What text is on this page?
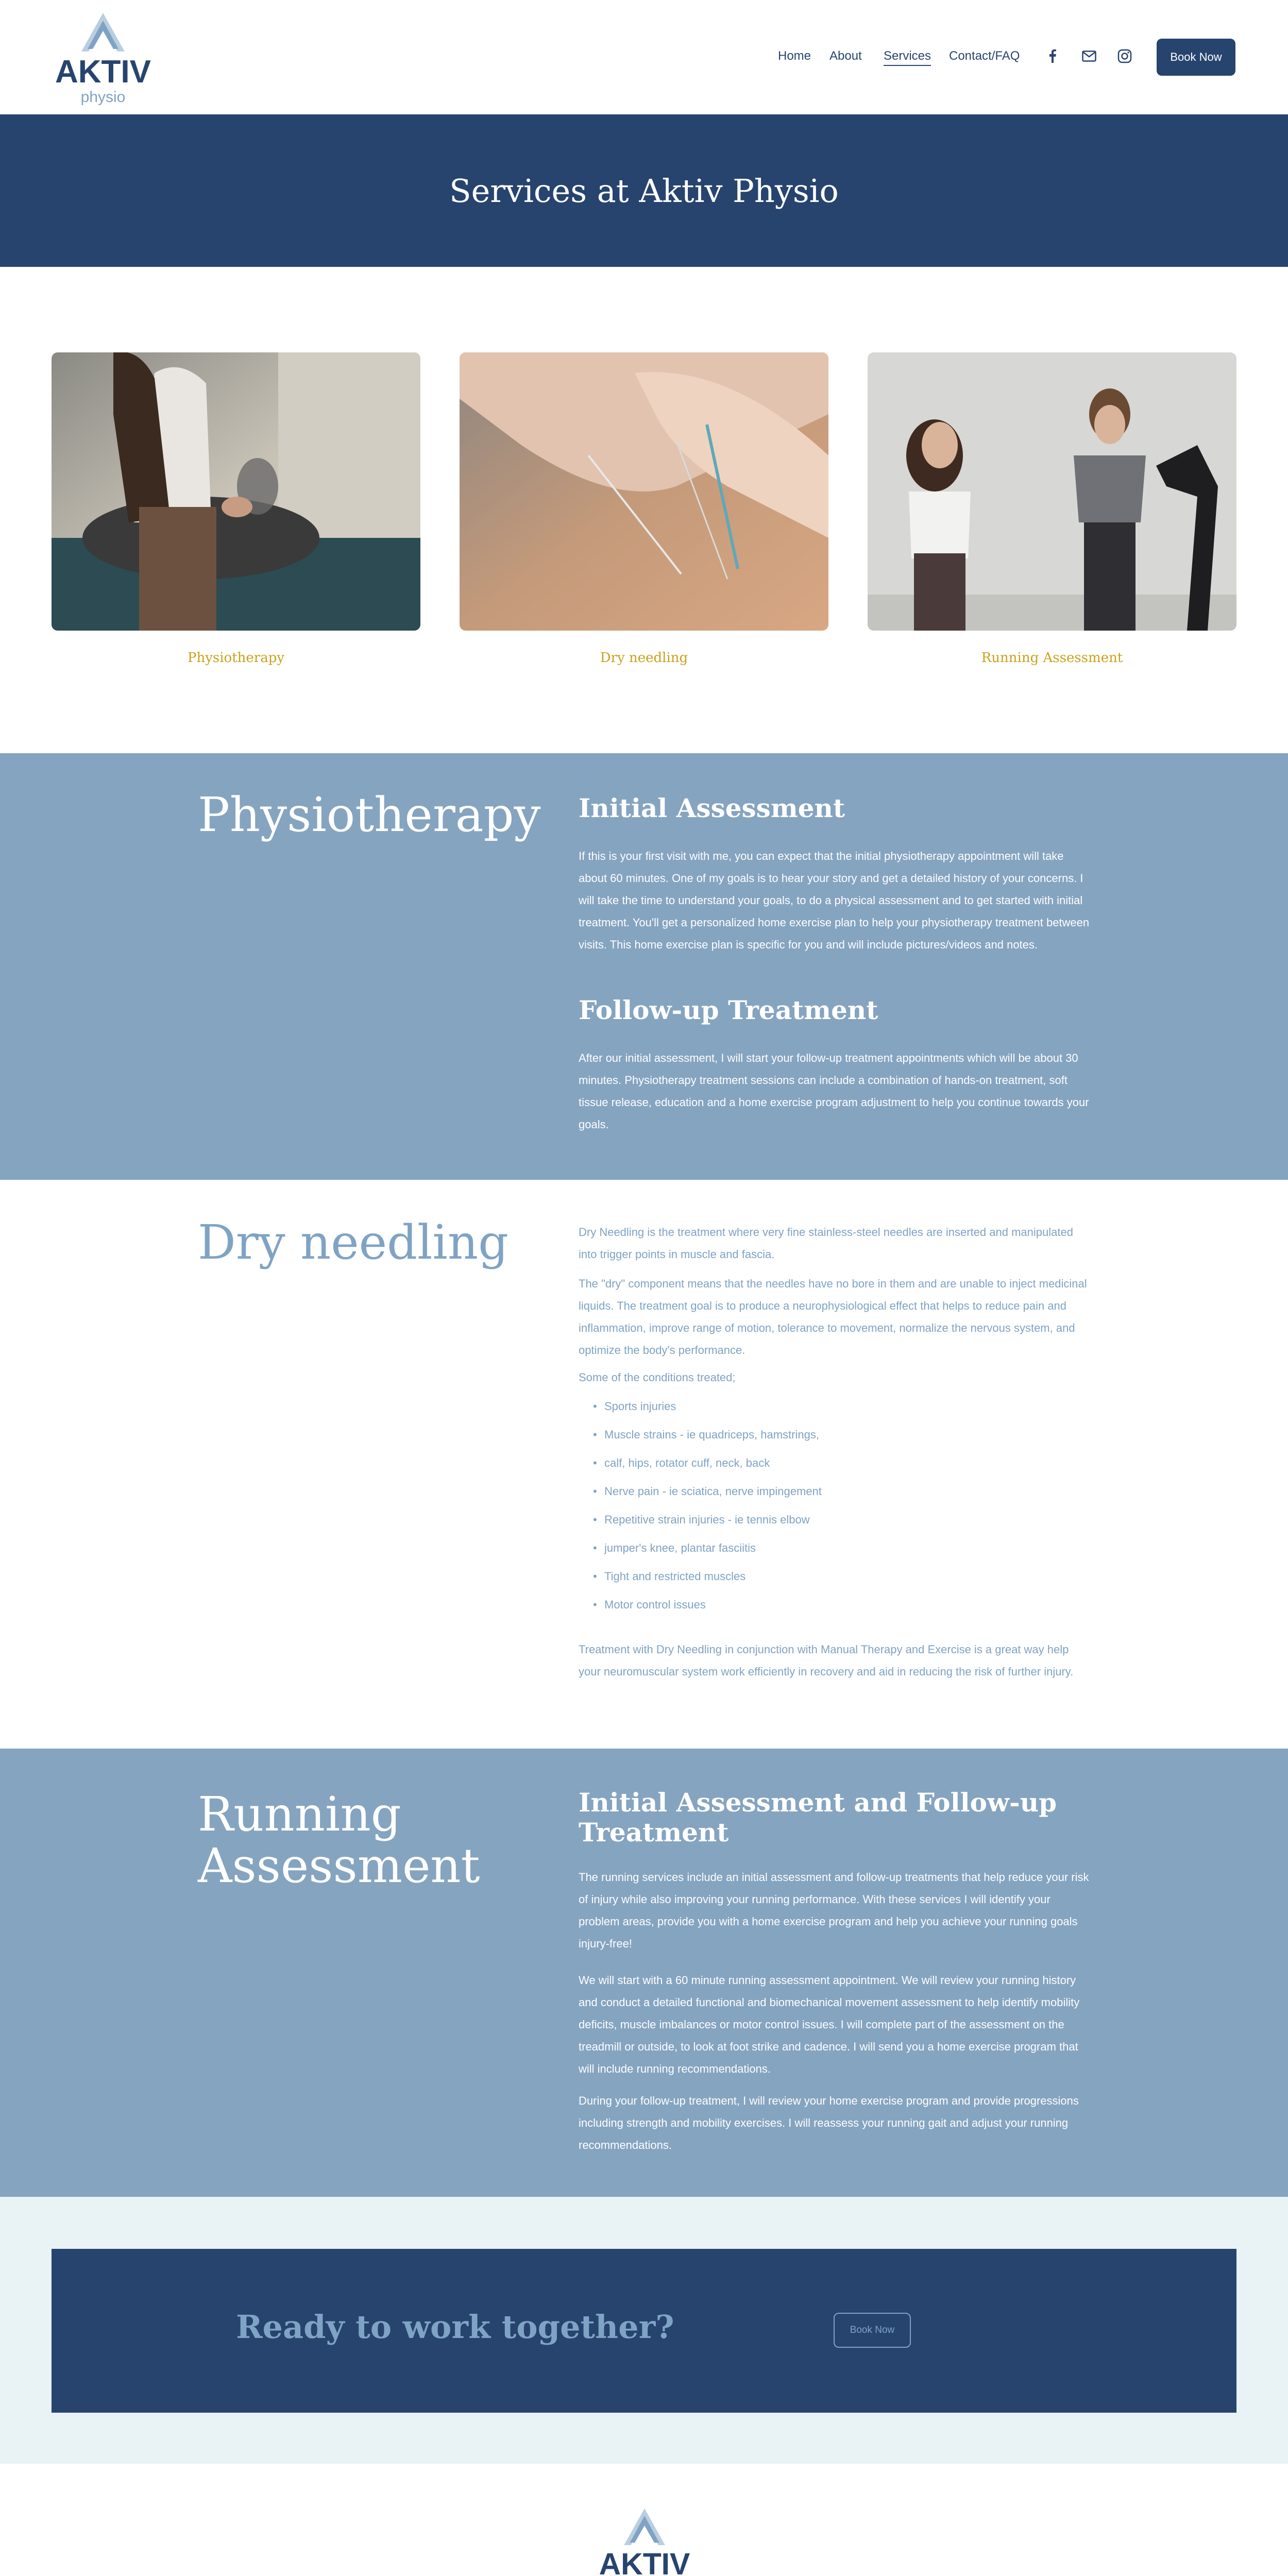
AKTIV
physio
Home About Services Contact/FAQ	Book Now
Services at Aktiv Physio
Physiotherapy	Dry needling	Running Assessment
Physiotherapy Initial Assessment

If this is your first visit with me, you can expect that the initial physiotherapy appointment will take about 60 minutes. One of my goals is to hear your story and get a detailed history of your concerns. I will take the time to understand your goals, to do a physical assessment and to get started with initial treatment. You'll get a personalized home exercise plan to help your physiotherapy treatment between visits. This home exercise plan is specific for you and will include pictures/videos and notes.

Follow-up Treatment

After our initial assessment, I will start your follow-up treatment appointments which will be about 30 minutes. Physiotherapy treatment sessions can include a combination of hands-on treatment, soft tissue release, education and a home exercise program adjustment to help you continue towards your goals.

Dry needling	Dry Needling is the treatment where very fine stainless-steel needles are inserted and manipulated into trigger points in muscle and fascia.

The "dry" component means that the needles have no bore in them and are unable to inject medicinal liquids. The treatment goal is to produce a neurophysiological effect that helps to reduce pain and inflammation, improve range of motion, tolerance to movement, normalize the nervous system, and optimize the body's performance.

Some of the conditions treated;

• Sports injuries
• Muscle strains - ie quadriceps, hamstrings,
• calf, hips, rotator cuff, neck, back
• Nerve pain - ie sciatica, nerve impingement
• Repetitive strain injuries - ie tennis elbow
• jumper's knee, plantar fasciitis
• Tight and restricted muscles
• Motor control issues

Treatment with Dry Needling in conjunction with Manual Therapy and Exercise is a great way help your neuromuscular system work efficiently in recovery and aid in reducing the risk of further injury.

Running
Assessment
Initial Assessment and Follow-up
Treatment

The running services include an initial assessment and follow-up treatments that help reduce your risk of injury while also improving your running performance. With these services I will identify your problem areas, provide you with a home exercise program and help you achieve your running goals injury-free!

We will start with a 60 minute running assessment appointment. We will review your running history and conduct a detailed functional and biomechanical movement assessment to help identify mobility deficits, muscle imbalances or motor control issues. I will complete part of the assessment on the treadmill or outside, to look at foot strike and cadence. I will send you a home exercise program that will include running recommendations.

During your follow-up treatment, I will review your home exercise program and provide progressions including strength and mobility exercises. I will reassess your running gait and adjust your running recommendations.

Ready to work together?	Book Now
AKTIV
